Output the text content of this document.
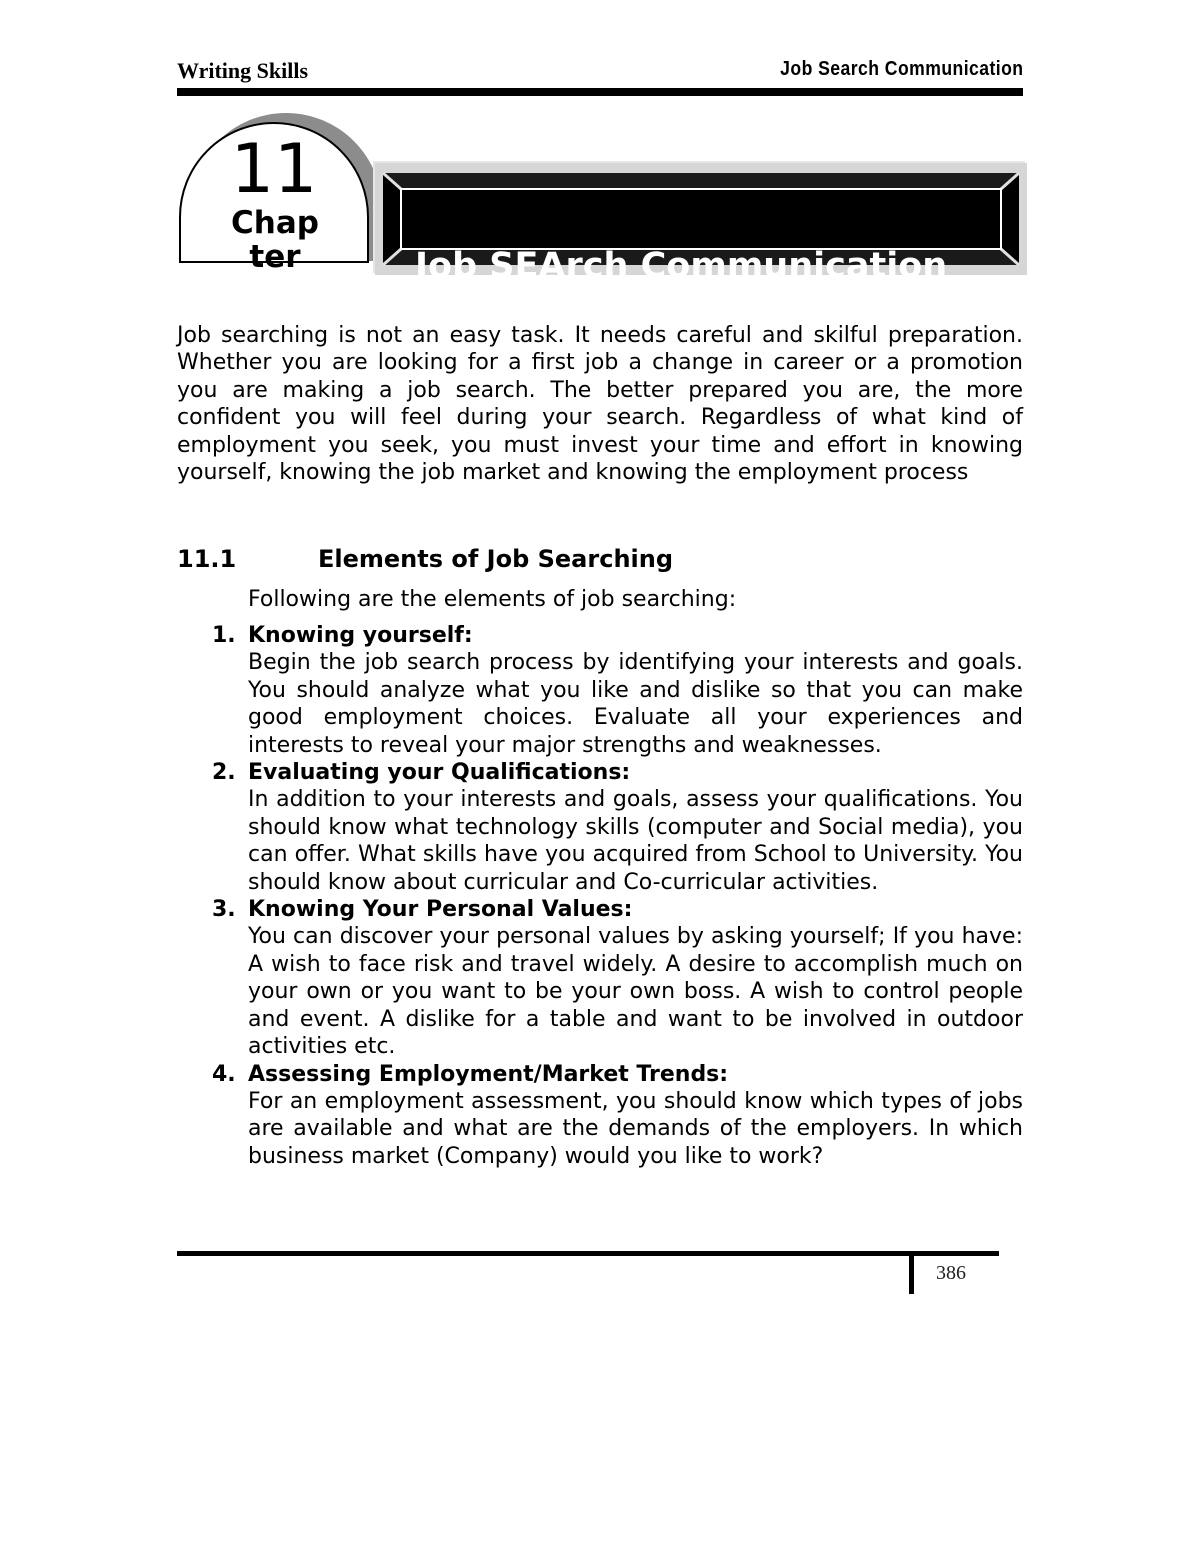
Writing Skills	Job Search Communication
11
Chapter	Job SEArch Communication

Job searching is not an easy task. It needs careful and skilful preparation. Whether you are looking for a first job a change in career or a promotion you are making a job search. The better prepared you are, the more confident you will feel during your search. Regardless of what kind of employment you seek, you must invest your time and effort in knowing yourself, knowing the job market and knowing the employment process

11.1	Elements of Job Searching
Following are the elements of job searching:
1. Knowing yourself:
Begin the job search process by identifying your interests and goals. You should analyze what you like and dislike so that you can make good employment choices. Evaluate all your experiences and interests to reveal your major strengths and weaknesses.
2. Evaluating your Qualifications:
In addition to your interests and goals, assess your qualifications. You should know what technology skills (computer and Social media), you can offer. What skills have you acquired from School to University. You should know about curricular and Co-curricular activities.
3. Knowing Your Personal Values:
You can discover your personal values by asking yourself; If you have: A wish to face risk and travel widely. A desire to accomplish much on your own or you want to be your own boss. A wish to control people and event. A dislike for a table and want to be involved in outdoor activities etc.
4. Assessing Employment/Market Trends:
For an employment assessment, you should know which types of jobs are available and what are the demands of the employers. In which business market (Company) would you like to work?
386
